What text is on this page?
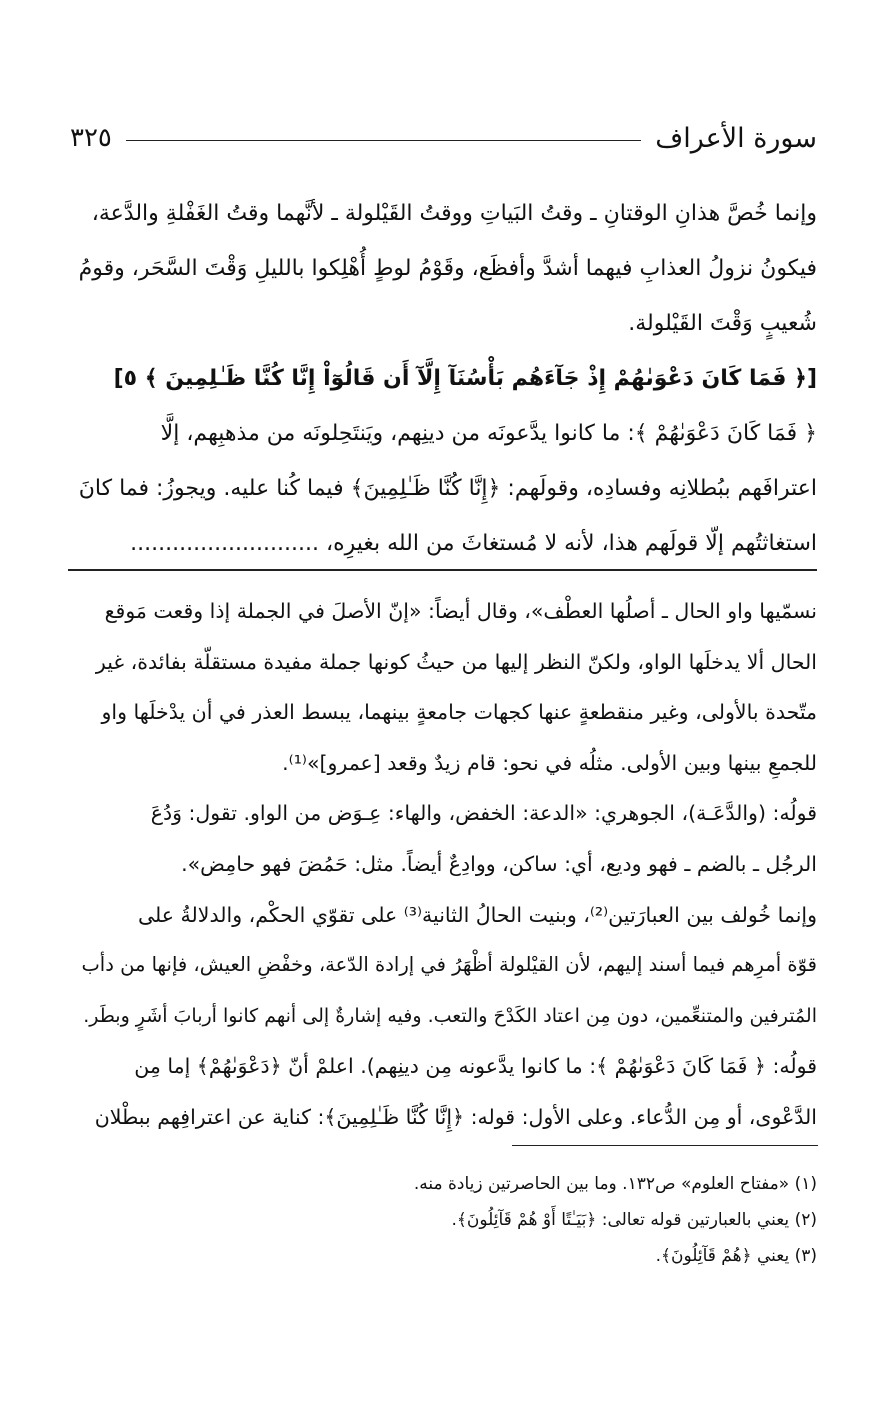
سورة الأعراف
٣٢٥
وإنما خُصَّ هذانِ الوقتانِ ـ وقتُ البَياتِ ووقتُ القَيْلولة ـ لأنَّهما وقتُ الغَفْلةِ والدَّعة،
فيكونُ نزولُ العذابِ فيهما أشدَّ وأفظَع، وقَوْمُ لوطٍ أُهْلِكوا بالليلِ وَقْتَ السَّحَر، وقومُ
شُعيبٍ وَقْتَ القَيْلولة.
[﴿ فَمَا كَانَ دَعْوَىٰهُمْ إِذْ جَآءَهُم بَأْسُنَآ إِلَّآ أَن قَالُوٓاْ إِنَّا كُنَّا ظَـٰلِمِينَ ﴾ ٥]
﴿ فَمَا كَانَ دَعْوَىٰهُمْ ﴾: ما كانوا يدَّعونَه من دينِهم، ويَنتَحِلونَه من مذهبِهم، إلَّا
اعترافَهم ببُطلانِه وفسادِه، وقولَهم: ﴿إِنَّا كُنَّا ظَـٰلِمِينَ﴾ فيما كُنا عليه. ويجوزُ: فما كانَ
استغاثتُهم إلّا قولَهم هذا، لأنه لا مُستغاثَ من الله بغيرِه، ...........................
نسمّيها واو الحال ـ أصلُها العطْف»، وقال أيضاً: «إنّ الأصلَ في الجملة إذا وقعت مَوقع
الحال ألا يدخلَها الواو، ولكنّ النظر إليها من حيثُ كونها جملة مفيدة مستقلّة بفائدة، غير
متّحدة بالأولى، وغير منقطعةٍ عنها كجهات جامعةٍ بينهما، يبسط العذر في أن يدْخلَها واو
للجمعِ بينها وبين الأولى. مثلُه في نحو: قام زيدٌ وقعد [عمرو]»⁽¹⁾.
قولُه: (والدَّعَـة)، الجوهري: «الدعة: الخفض، والهاء: عِـوَض من الواو. تقول: وَدُعَ
الرجُل ـ بالضم ـ فهو وديع، أي: ساكن، ووادِعٌ أيضاً. مثل: حَمُضَ فهو حامِض».
وإنما خُولف بين العبارَتين⁽²⁾، وبنيت الحالُ الثانية⁽³⁾ على تقوّي الحكْم، والدلالةُ على
قوّة أمرِهم فيما أسند إليهم، لأن القيْلولة أظْهَرُ في إرادة الدّعة، وخفْضِ العيش، فإنها من دأب
المُترفين والمتنعِّمين، دون مِن اعتاد الكَدْحَ والتعب. وفيه إشارةٌ إلى أنهم كانوا أربابَ أشَرٍ وبطَر.
قولُه: ﴿ فَمَا كَانَ دَعْوَىٰهُمْ ﴾: ما كانوا يدَّعونه مِن دينِهم). اعلمْ أنّ ﴿دَعْوَىٰهُمْ﴾ إما مِن
الدَّعْوى، أو مِن الدُّعاء. وعلى الأول: قوله: ﴿إِنَّا كُنَّا ظَـٰلِمِينَ﴾: كناية عن اعترافِهم ببطْلان
(١) «مفتاح العلوم» ص١٣٢. وما بين الحاصرتين زيادة منه.
(٢) يعني بالعبارتين قوله تعالى: ﴿بَيَـٰتًا أَوْ هُمْ قَآئِلُونَ﴾.
(٣) يعني ﴿هُمْ قَآئِلُونَ﴾.
